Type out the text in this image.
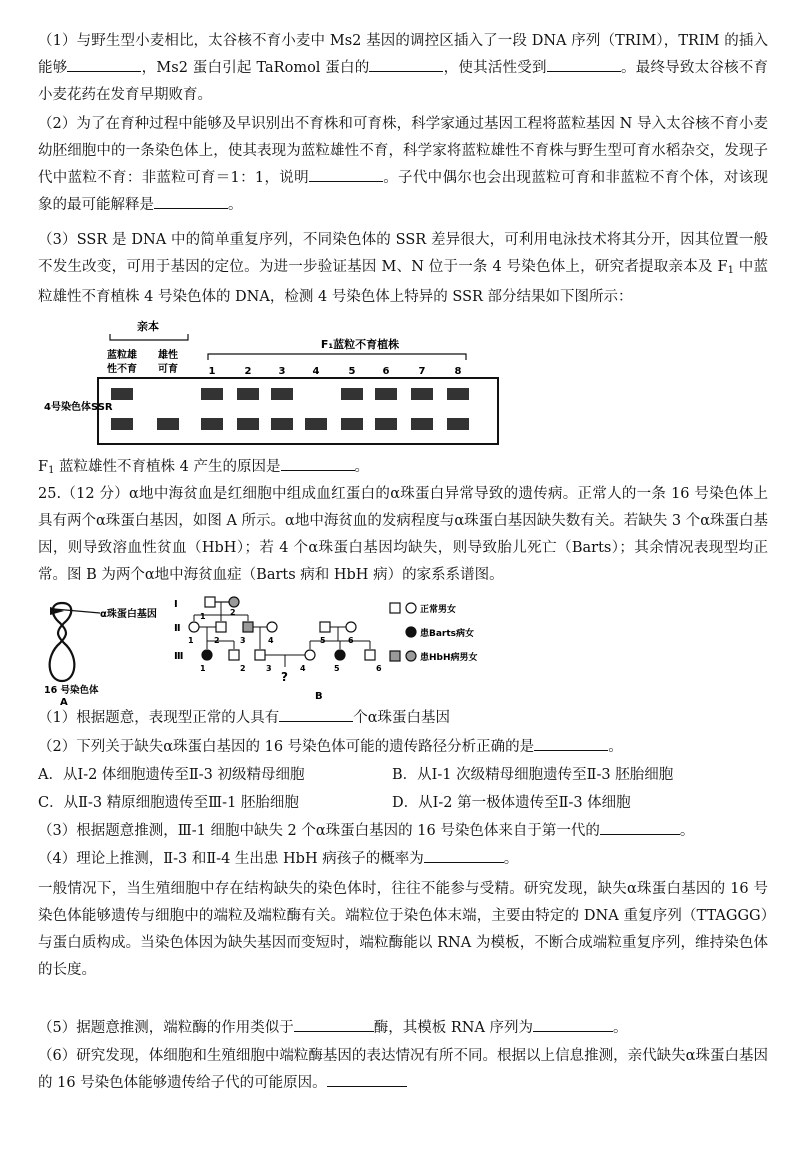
（1）与野生型小麦相比，太谷核不育小麦中 Ms2 基因的调控区插入了一段 DNA 序列（TRIM），TRIM 的插入能够	，Ms2 蛋白引起 TaRomol 蛋白的	，使其活性受到	。最终导致太谷核不育小麦花药在发育早期败育。

（2）为了在育种过程中能够及早识别出不育株和可育株，科学家通过基因工程将蓝粒基因 N 导入太谷核不育小麦幼胚细胞中的一条染色体上，使其表现为蓝粒雄性不育，科学家将蓝粒雄性不育株与野生型可育水稻杂交，发现子代中蓝粒不育：非蓝粒可育＝1：1，说明	。子代中偶尔也会出现蓝粒可育和非蓝粒不育个体，对该现象的最可能解释是	。

（3）SSR 是 DNA 中的简单重复序列，不同染色体的 SSR 差异很大，可利用电泳技术将其分开，因其位置一般不发生改变，可用于基因的定位。为进一步验证基因 M、N 位于一条 4 号染色体上，研究者提取亲本及 $F_1$ 中蓝粒雄性不育植株 4 号染色体的 DNA，检测 4 号染色体上特异的 SSR 部分结果如下图所示：

亲本
蓝粒雄
性不育
雄性
可育
F₁蓝粒不育植株
4号染色体SSR
1	2	3	4	5	6	7	8

$F_1$ 蓝粒雄性不育植株 4 产生的原因是	。

25.（12 分）α地中海贫血是红细胞中组成血红蛋白的α珠蛋白异常导致的遗传病。正常人的一条 16 号染色体上具有两个α珠蛋白基因，如图 A 所示。α地中海贫血的发病程度与α珠蛋白基因缺失数有关。若缺失 3 个α珠蛋白基因，则导致溶血性贫血（HbH）；若 4 个α珠蛋白基因均缺失，则导致胎儿死亡（Barts）；其余情况表现型均正常。图 B 为两个α地中海贫血症（Barts 病和 HbH 病）的家系系谱图。

α珠蛋白基因
16 号染色体
A
Ⅰ
Ⅱ
Ⅲ
?
1	2
1	2	3	4	5	6
1	2	3	4	5	6
B
正常男女
患Barts病女
患HbH病男女

（1）根据题意，表现型正常的人具有	个α珠蛋白基因

（2）下列关于缺失α珠蛋白基因的 16 号染色体可能的遗传路径分析正确的是	。

A．从Ⅰ-2 体细胞遗传至Ⅱ-3 初级精母细胞	B．从Ⅰ-1 次级精母细胞遗传至Ⅱ-3 胚胎细胞
C．从Ⅱ-3 精原细胞遗传至Ⅲ-1 胚胎细胞	D．从Ⅰ-2 第一极体遗传至Ⅱ-3 体细胞

（3）根据题意推测，Ⅲ-1 细胞中缺失 2 个α珠蛋白基因的 16 号染色体来自于第一代的	。

（4）理论上推测，Ⅱ-3 和Ⅱ-4 生出患 HbH 病孩子的概率为	。

一般情况下，当生殖细胞中存在结构缺失的染色体时，往往不能参与受精。研究发现，缺失α珠蛋白基因的 16 号染色体能够遗传与细胞中的端粒及端粒酶有关。端粒位于染色体末端，主要由特定的 DNA 重复序列（TTAGGG）与蛋白质构成。当染色体因为缺失基因而变短时，端粒酶能以 RNA 为模板，不断合成端粒重复序列，维持染色体的长度。

（5）据题意推测，端粒酶的作用类似于	酶，其模板 RNA 序列为	。

（6）研究发现，体细胞和生殖细胞中端粒酶基因的表达情况有所不同。根据以上信息推测，亲代缺失α珠蛋白基因的 16 号染色体能够遗传给子代的可能原因。
